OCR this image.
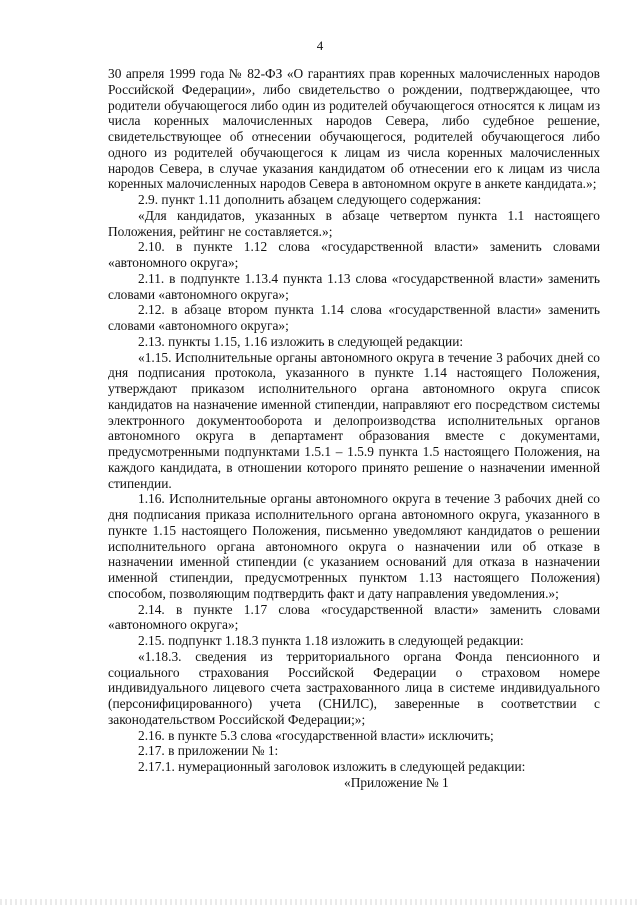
4

30 апреля 1999 года № 82-ФЗ «О гарантиях прав коренных малочисленных народов Российской Федерации», либо свидетельство о рождении, подтверждающее, что родители обучающегося либо один из родителей обучающегося относятся к лицам из числа коренных малочисленных народов Севера, либо судебное решение, свидетельствующее об отнесении обучающегося, родителей обучающегося либо одного из родителей обучающегося к лицам из числа коренных малочисленных народов Севера, в случае указания кандидатом об отнесении его к лицам из числа коренных малочисленных народов Севера в автономном округе в анкете кандидата.»;

2.9. пункт 1.11 дополнить абзацем следующего содержания:

«Для кандидатов, указанных в абзаце четвертом пункта 1.1 настоящего Положения, рейтинг не составляется.»;

2.10. в пункте 1.12 слова «государственной власти» заменить словами «автономного округа»;

2.11. в подпункте 1.13.4 пункта 1.13 слова «государственной власти» заменить словами «автономного округа»;

2.12. в абзаце втором пункта 1.14 слова «государственной власти» заменить словами «автономного округа»;

2.13. пункты 1.15, 1.16 изложить в следующей редакции:

«1.15. Исполнительные органы автономного округа в течение 3 рабочих дней со дня подписания протокола, указанного в пункте 1.14 настоящего Положения, утверждают приказом исполнительного органа автономного округа список кандидатов на назначение именной стипендии, направляют его посредством системы электронного документооборота и делопроизводства исполнительных органов автономного округа в департамент образования вместе с документами, предусмотренными подпунктами 1.5.1 – 1.5.9 пункта 1.5 настоящего Положения, на каждого кандидата, в отношении которого принято решение о назначении именной стипендии.

1.16. Исполнительные органы автономного округа в течение 3 рабочих дней со дня подписания приказа исполнительного органа автономного округа, указанного в пункте 1.15 настоящего Положения, письменно уведомляют кандидатов о решении исполнительного органа автономного округа о назначении или об отказе в назначении именной стипендии (с указанием оснований для отказа в назначении именной стипендии, предусмотренных пунктом 1.13 настоящего Положения) способом, позволяющим подтвердить факт и дату направления уведомления.»;

2.14. в пункте 1.17 слова «государственной власти» заменить словами «автономного округа»;

2.15. подпункт 1.18.3 пункта 1.18 изложить в следующей редакции:

«1.18.3. сведения из территориального органа Фонда пенсионного и социального страхования Российской Федерации о страховом номере индивидуального лицевого счета застрахованного лица в системе индивидуального (персонифицированного) учета (СНИЛС), заверенные в соответствии с законодательством Российской Федерации;»;

2.16. в пункте 5.3 слова «государственной власти» исключить;

2.17. в приложении № 1:

2.17.1. нумерационный заголовок изложить в следующей редакции:

«Приложение № 1
